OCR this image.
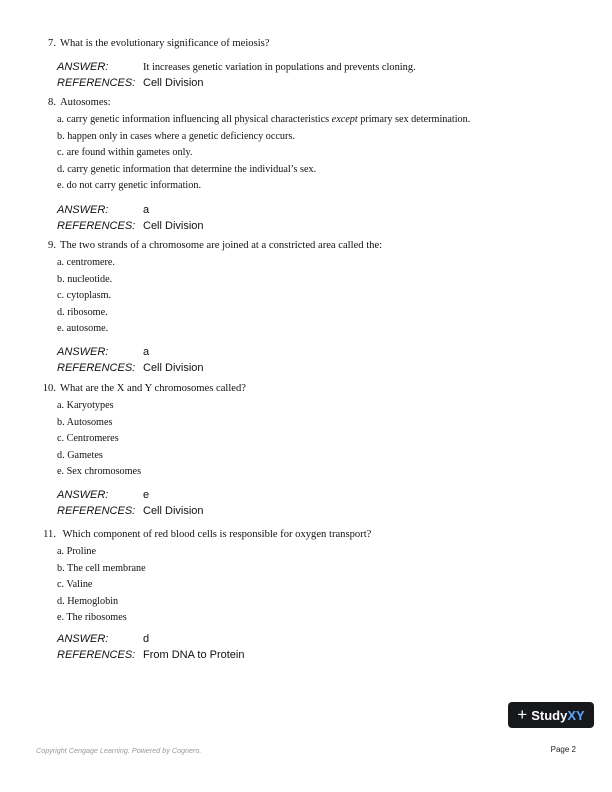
7. What is the evolutionary significance of meiosis?
ANSWER:	It increases genetic variation in populations and prevents cloning.
REFERENCES: Cell Division
8. Autosomes:
a. carry genetic information influencing all physical characteristics except primary sex determination.
b. happen only in cases where a genetic deficiency occurs.
c. are found within gametes only.
d. carry genetic information that determine the individual’s sex.
e. do not carry genetic information.
ANSWER:	a
REFERENCES: Cell Division
9. The two strands of a chromosome are joined at a constricted area called the:
a. centromere.
b. nucleotide.
c. cytoplasm.
d. ribosome.
e. autosome.
ANSWER:	a
REFERENCES: Cell Division
10. What are the X and Y chromosomes called?
a. Karyotypes
b. Autosomes
c. Centromeres
d. Gametes
e. Sex chromosomes
ANSWER:	e
REFERENCES: Cell Division
11. Which component of red blood cells is responsible for oxygen transport?
a. Proline
b. The cell membrane
c. Valine
d. Hemoglobin
e. The ribosomes
ANSWER:	d
REFERENCES: From DNA to Protein
+ StudyXY
Copyright Cengage Learning. Powered by Cognero.	Page 2
